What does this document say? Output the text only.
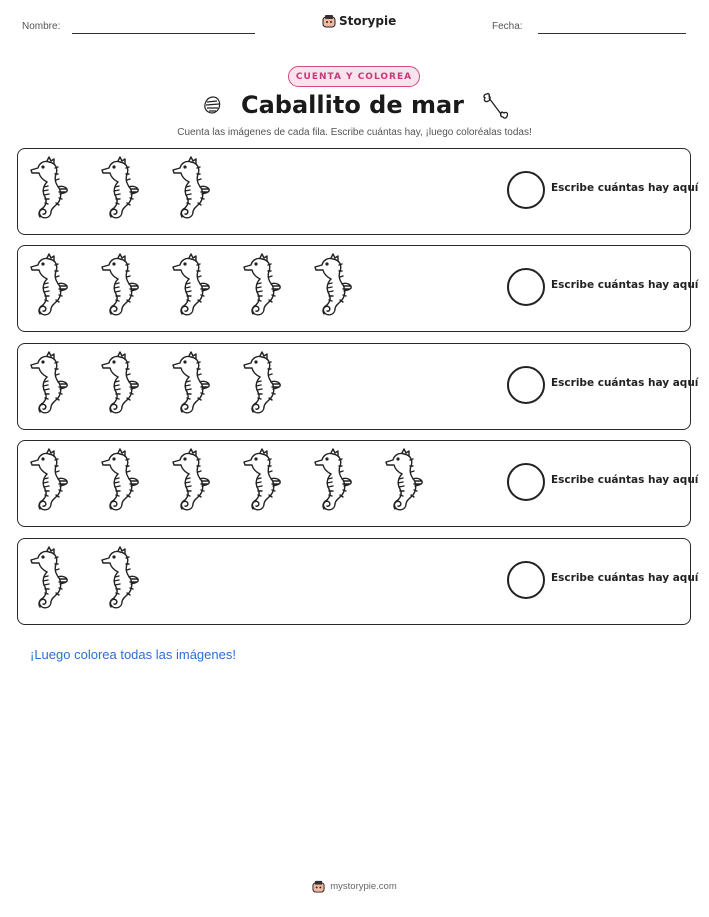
Nombre:	Storypie	Fecha:
CUENTA Y COLOREA
Caballito de mar
Cuenta las imágenes de cada fila. Escribe cuántas hay, ¡luego coloréalas todas!
Escribe cuántas hay aquí
Escribe cuántas hay aquí
Escribe cuántas hay aquí
Escribe cuántas hay aquí
Escribe cuántas hay aquí
¡Luego colorea todas las imágenes!
mystorypie.com
